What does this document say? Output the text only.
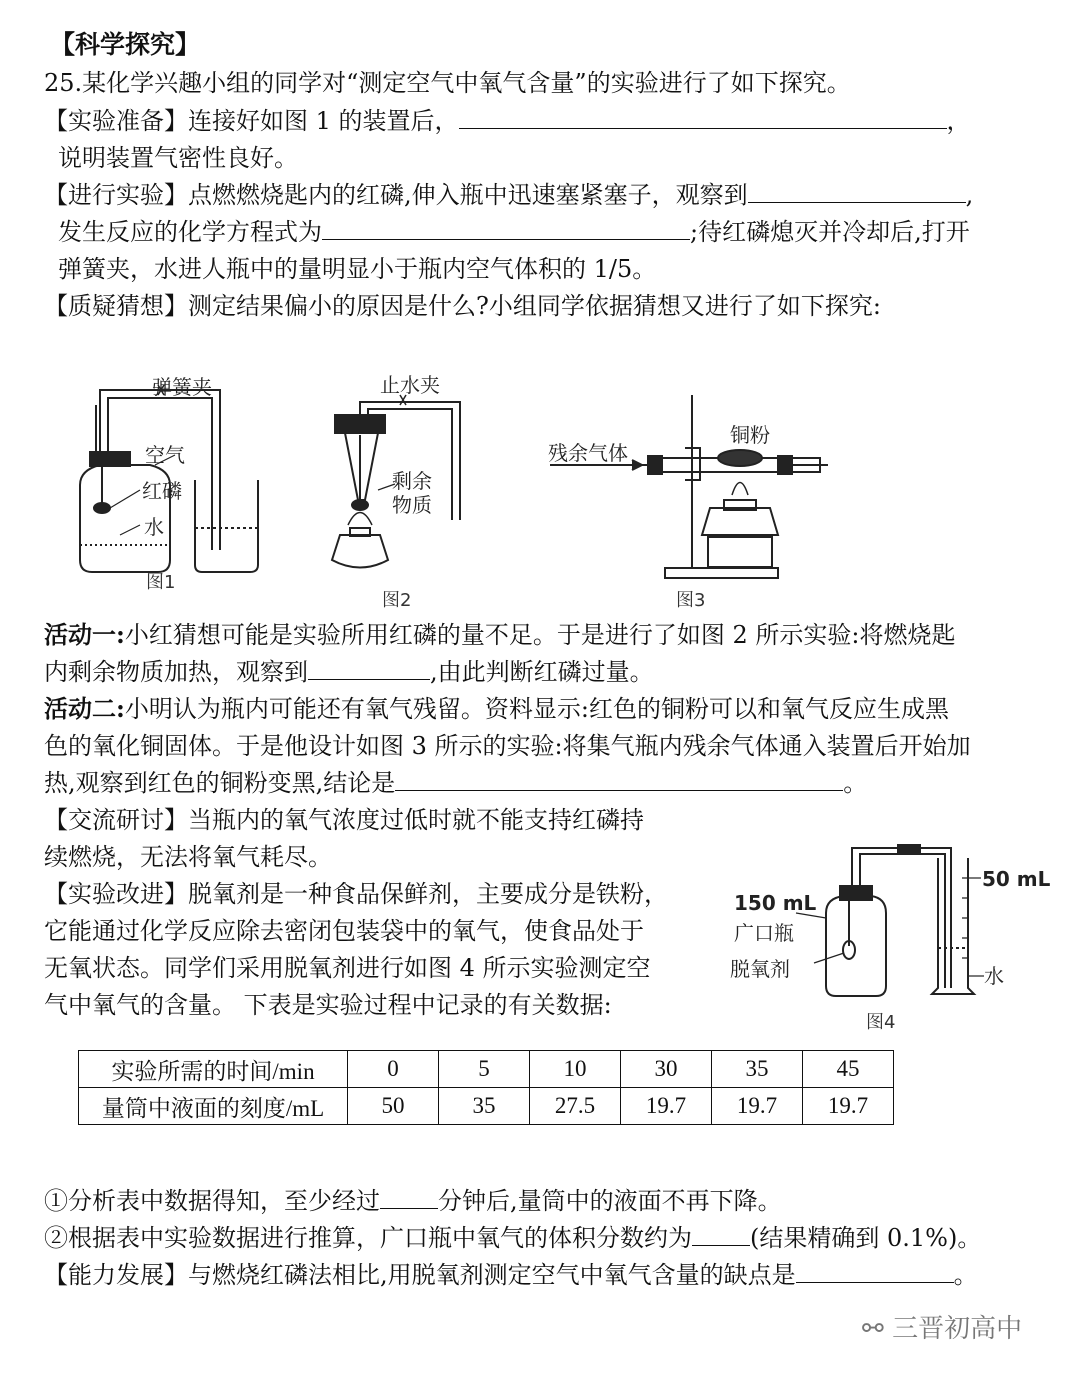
【科学探究】
25.某化学兴趣小组的同学对“测定空气中氧气含量”的实验进行了如下探究。
【实验准备】连接好如图 1 的装置后，	，
说明装置气密性良好。
【进行实验】点燃燃烧匙内的红磷,伸入瓶中迅速塞紧塞子，观察到	,
发生反应的化学方程式为	;待红磷熄灭并冷却后,打开
弹簧夹，水进人瓶中的量明显小于瓶内空气体积的 1/5。
【质疑猜想】测定结果偏小的原因是什么?小组同学依据猜想又进行了如下探究:
弹簧夹
空气
红磷
水
图1
止水夹
剩余
物质
图2
残余气体
铜粉
图3
活动一:小红猜想可能是实验所用红磷的量不足。于是进行了如图 2 所示实验:将燃烧匙
内剩余物质加热，观察到	,由此判断红磷过量。
活动二:小明认为瓶内可能还有氧气残留。资料显示:红色的铜粉可以和氧气反应生成黑
色的氧化铜固体。于是他设计如图 3 所示的实验:将集气瓶内残余气体通入装置后开始加
热,观察到红色的铜粉变黑,结论是	。
【交流研讨】当瓶内的氧气浓度过低时就不能支持红磷持
续燃烧，无法将氧气耗尽。
【实验改进】脱氧剂是一种食品保鲜剂，主要成分是铁粉，
它能通过化学反应除去密闭包装袋中的氧气，使食品处于
无氧状态。同学们采用脱氧剂进行如图 4 所示实验测定空
气中氧气的含量。 下表是实验过程中记录的有关数据:
150 mL
广口瓶
脱氧剂
50 mL
水
图4
实验所需的时间/min	0	5	10	30	35	45
量筒中液面的刻度/mL	50	35	27.5	19.7	19.7	19.7
①分析表中数据得知，至少经过 分钟后,量筒中的液面不再下降。
②根据表中实验数据进行推算，广口瓶中氧气的体积分数约为 (结果精确到 0.1%)。
【能力发展】与燃烧红磷法相比,用脱氧剂测定空气中氧气含量的缺点是	。
⚯ 三晋初高中
